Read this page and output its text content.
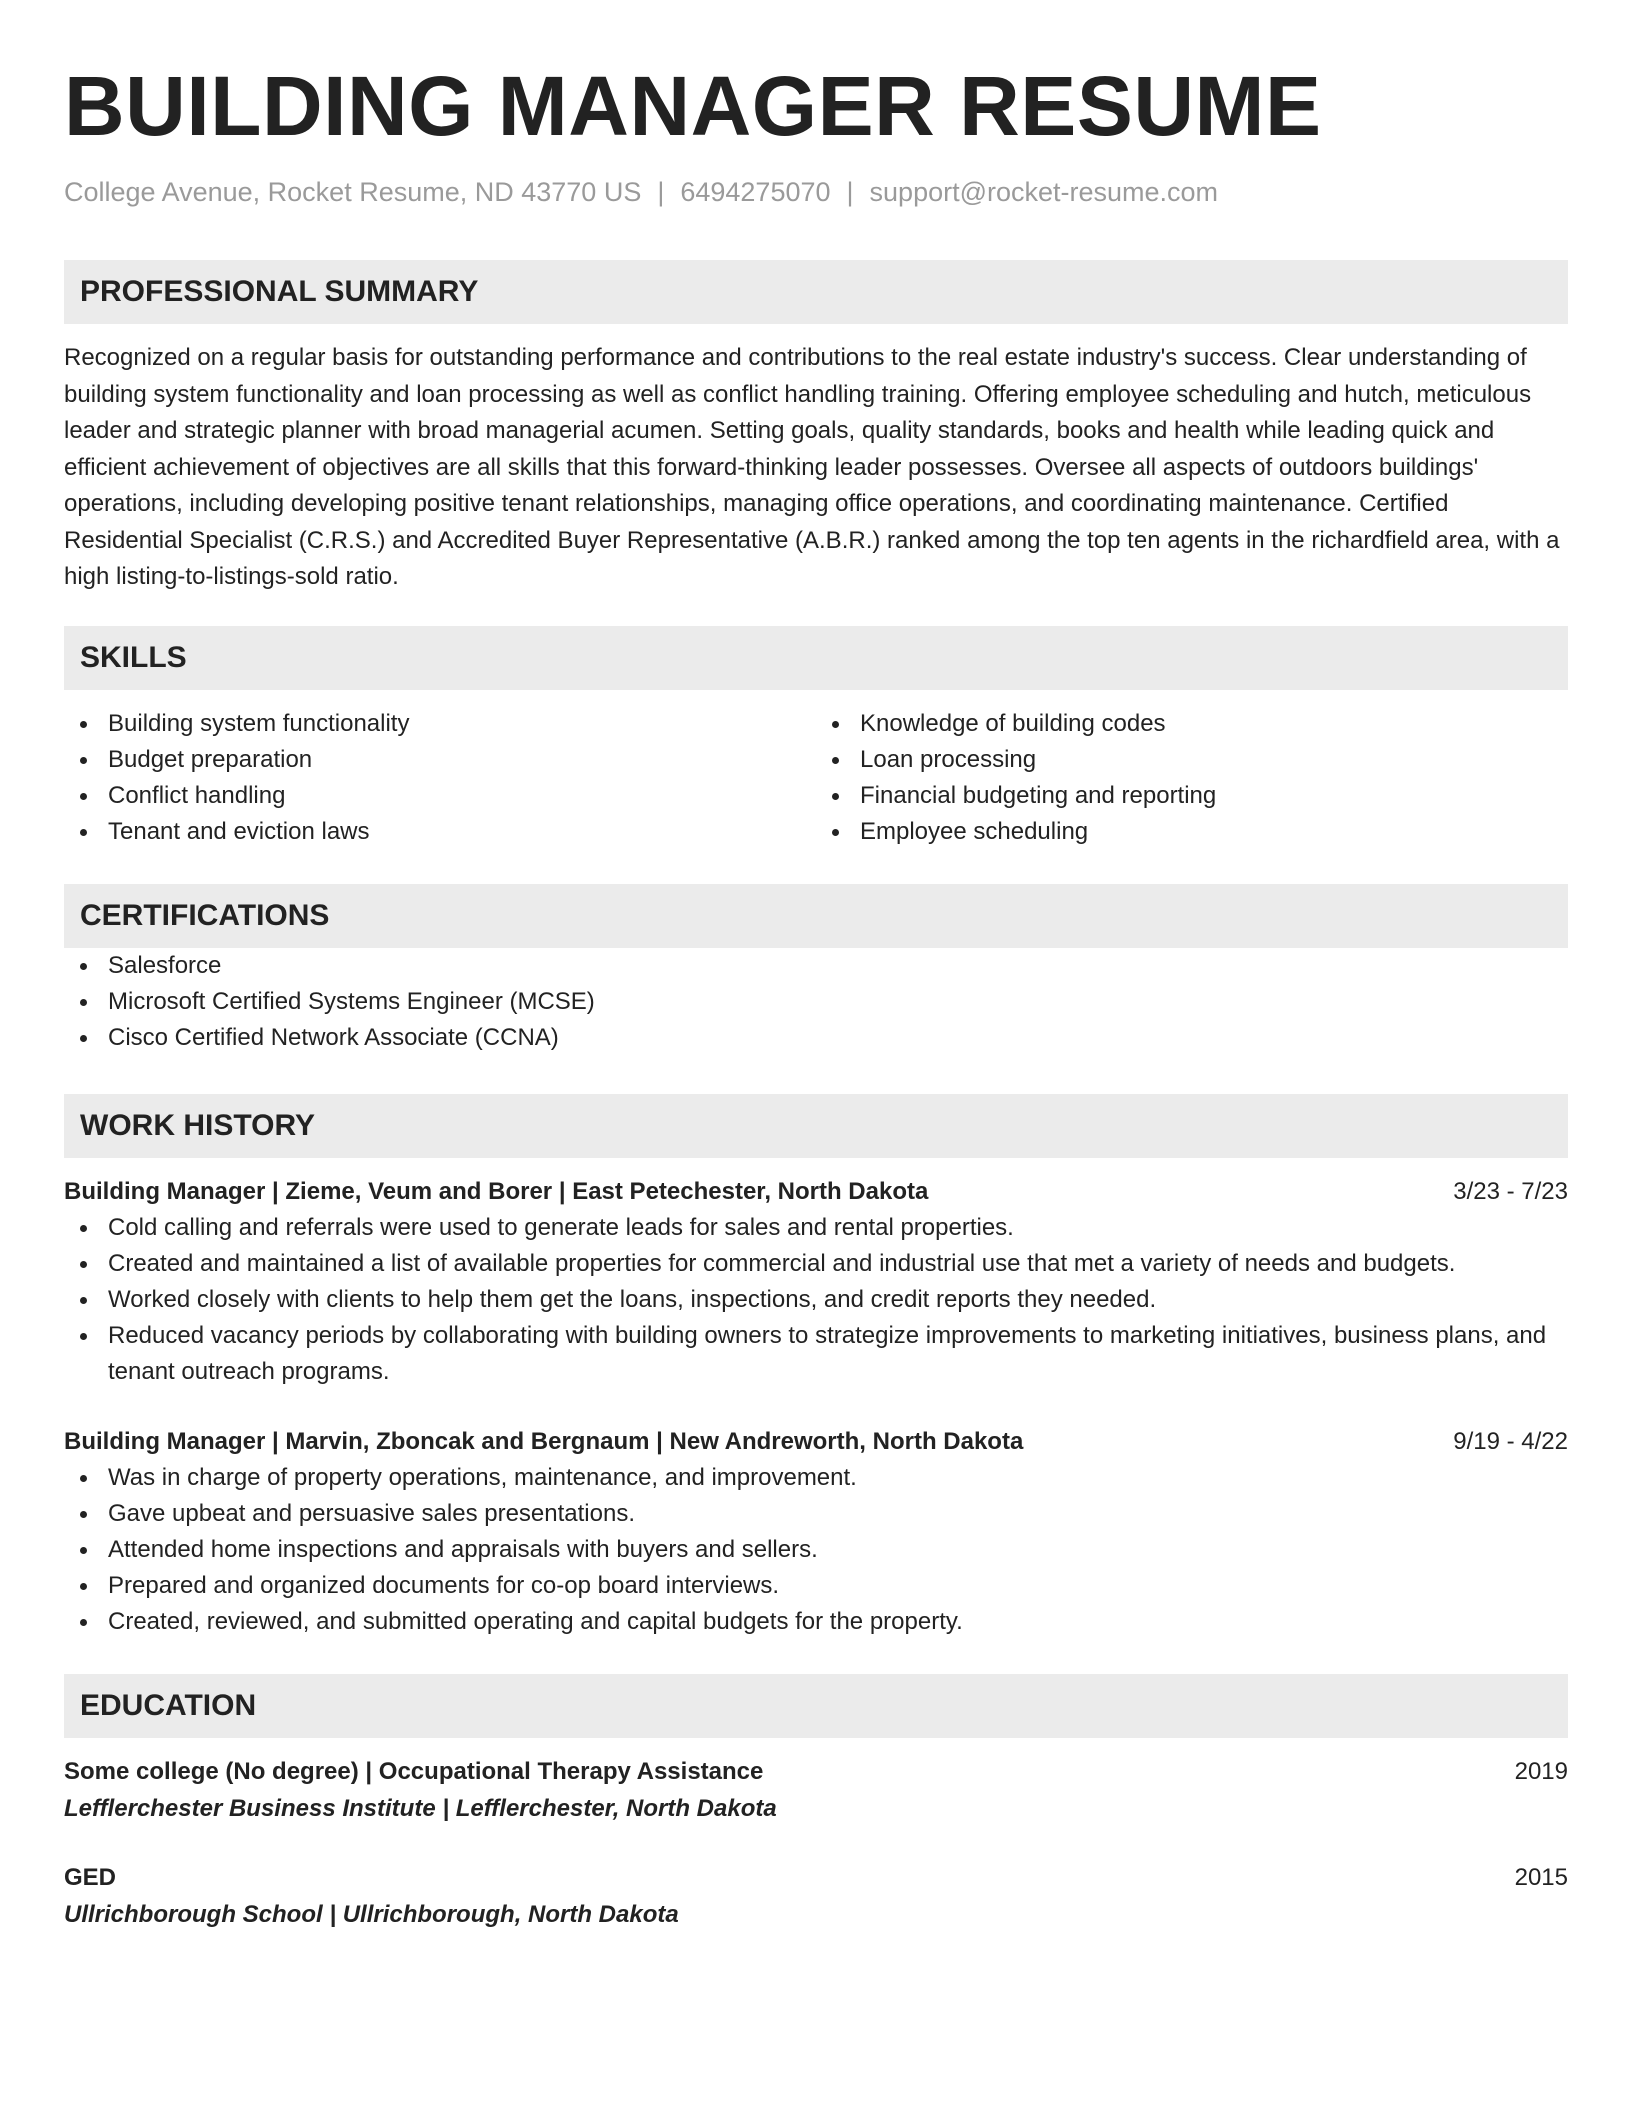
BUILDING MANAGER RESUME
College Avenue, Rocket Resume, ND 43770 US | 6494275070 | support@rocket-resume.com
PROFESSIONAL SUMMARY

Recognized on a regular basis for outstanding performance and contributions to the real estate industry's success. Clear understanding of building system functionality and loan processing as well as conflict handling training. Offering employee scheduling and hutch, meticulous leader and strategic planner with broad managerial acumen. Setting goals, quality standards, books and health while leading quick and efficient achievement of objectives are all skills that this forward-thinking leader possesses. Oversee all aspects of outdoors buildings' operations, including developing positive tenant relationships, managing office operations, and coordinating maintenance. Certified Residential Specialist (C.R.S.) and Accredited Buyer Representative (A.B.R.) ranked among the top ten agents in the richardfield area, with a high listing-to-listings-sold ratio.

SKILLS
Building system functionality
Budget preparation
Conflict handling
Tenant and eviction laws
Knowledge of building codes
Loan processing
Financial budgeting and reporting
Employee scheduling
CERTIFICATIONS
Salesforce
Microsoft Certified Systems Engineer (MCSE)
Cisco Certified Network Associate (CCNA)
WORK HISTORY
Building Manager | Zieme, Veum and Borer | East Petechester, North Dakota	3/23 - 7/23
Cold calling and referrals were used to generate leads for sales and rental properties.
Created and maintained a list of available properties for commercial and industrial use that met a variety of needs and budgets.
Worked closely with clients to help them get the loans, inspections, and credit reports they needed.
Reduced vacancy periods by collaborating with building owners to strategize improvements to marketing initiatives, business plans, and tenant outreach programs.
Building Manager | Marvin, Zboncak and Bergnaum | New Andreworth, North Dakota	9/19 - 4/22
Was in charge of property operations, maintenance, and improvement.
Gave upbeat and persuasive sales presentations.
Attended home inspections and appraisals with buyers and sellers.
Prepared and organized documents for co-op board interviews.
Created, reviewed, and submitted operating and capital budgets for the property.
EDUCATION
Some college (No degree) | Occupational Therapy Assistance	2019
Lefflerchester Business Institute | Lefflerchester, North Dakota
GED	2015
Ullrichborough School | Ullrichborough, North Dakota
